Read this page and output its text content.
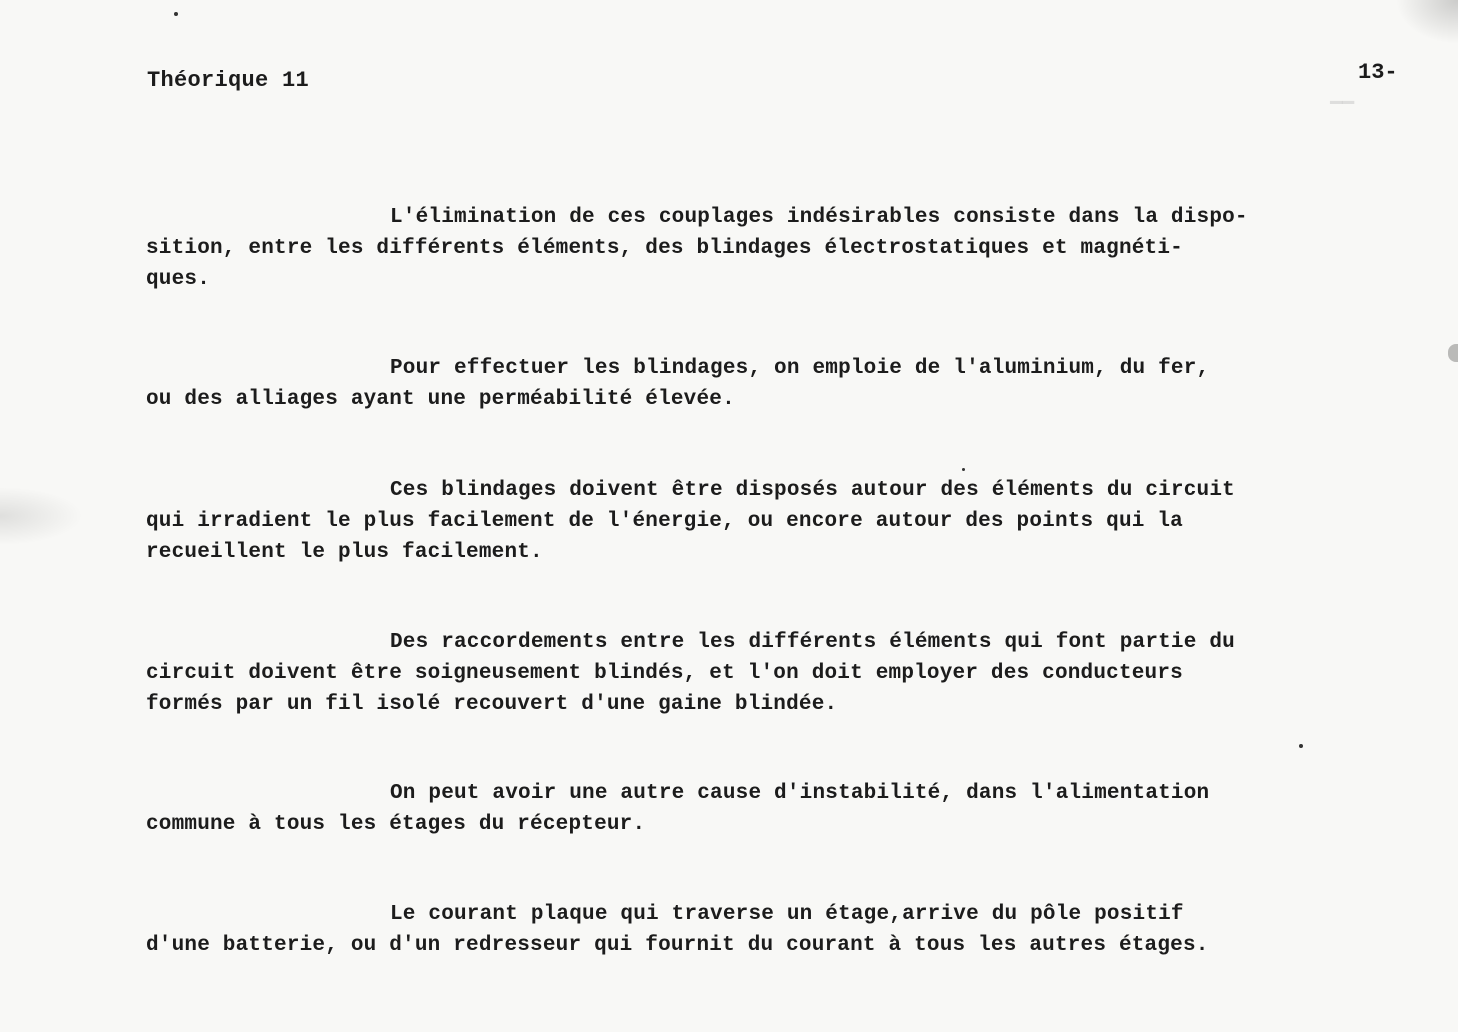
▁▁
Théorique 11	13-
L'élimination de ces couplages indésirables consiste dans la dispo-
sition, entre les différents éléments, des blindages électrostatiques et magnéti-
ques.
Pour effectuer les blindages, on emploie de l'aluminium, du fer,
ou des alliages ayant une perméabilité élevée.
Ces blindages doivent être disposés autour des éléments du circuit
qui irradient le plus facilement de l'énergie, ou encore autour des points qui la
recueillent le plus facilement.
Des raccordements entre les différents éléments qui font partie du
circuit doivent être soigneusement blindés, et l'on doit employer des conducteurs
formés par un fil isolé recouvert d'une gaine blindée.
On peut avoir une autre cause d'instabilité, dans l'alimentation
commune à tous les étages du récepteur.
Le courant plaque qui traverse un étage,arrive du pôle positif
d'une batterie, ou d'un redresseur qui fournit du courant à tous les autres étages.
